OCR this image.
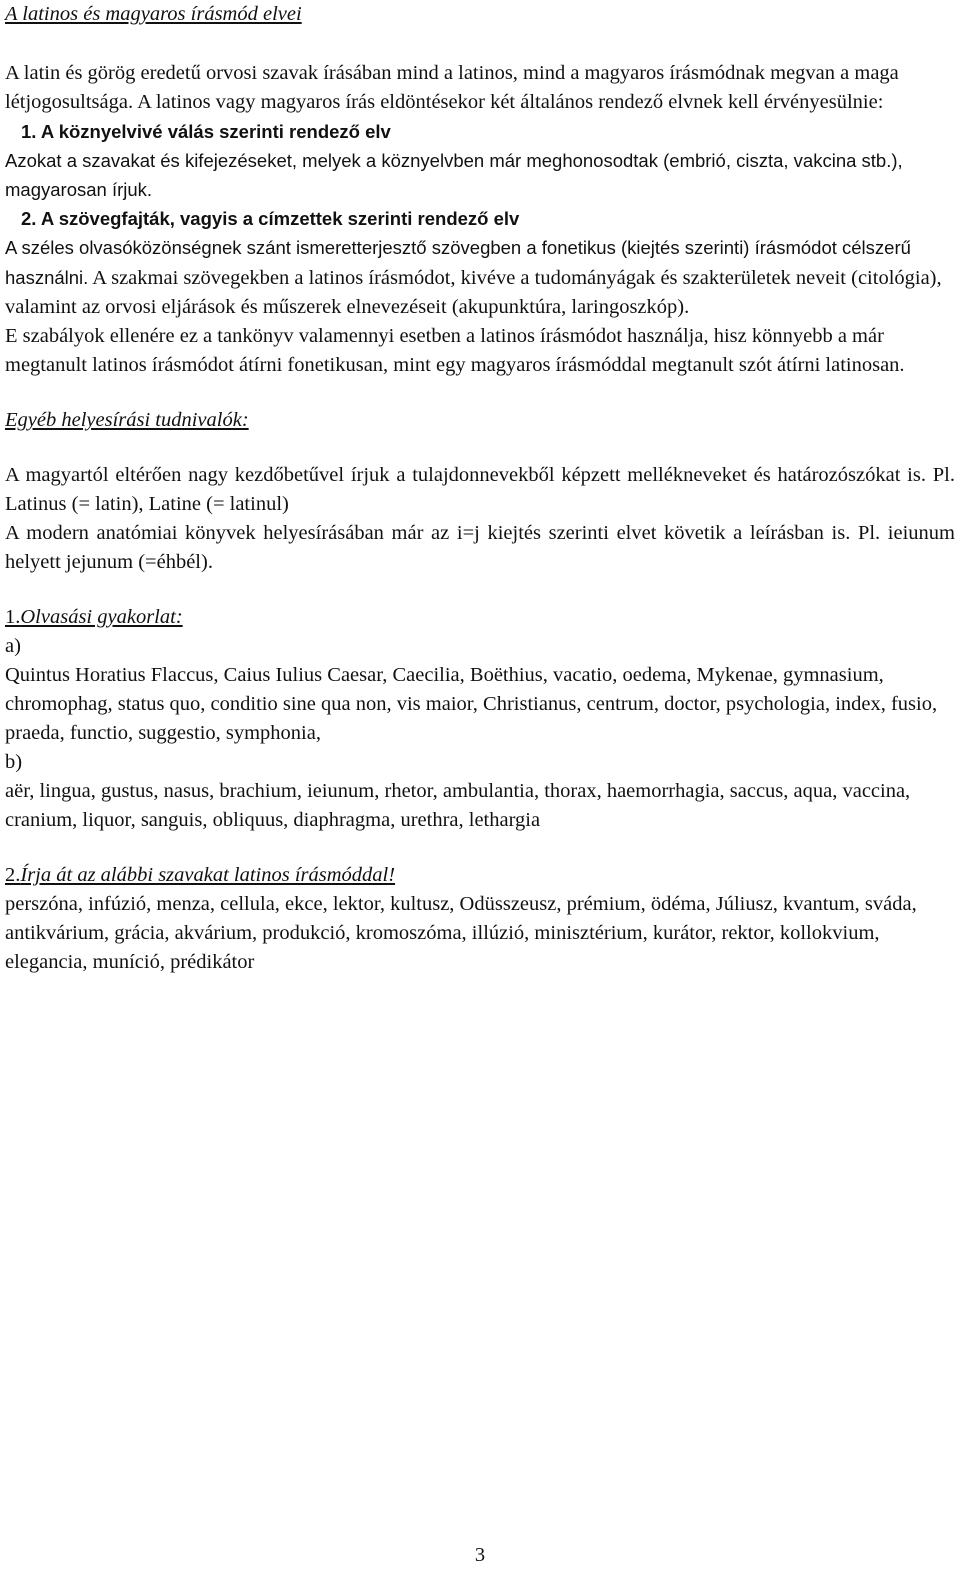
A latinos és magyaros írásmód elvei

A latin és görög eredetű orvosi szavak írásában mind a latinos, mind a magyaros írásmódnak megvan a maga létjogosultsága. A latinos vagy magyaros írás eldöntésekor két általános rendező elvnek kell érvényesülnie:

1. A köznyelvivé válás szerinti rendező elv

Azokat a szavakat és kifejezéseket, melyek a köznyelvben már meghonosodtak (embrió, ciszta, vakcina stb.), magyarosan írjuk.

2. A szövegfajták, vagyis a címzettek szerinti rendező elv

A széles olvasóközönségnek szánt ismeretterjesztő szövegben a fonetikus (kiejtés szerinti) írásmódot célszerű használni. A szakmai szövegekben a latinos írásmódot, kivéve a tudományágak és szakterületek neveit (citológia), valamint az orvosi eljárások és műszerek elnevezéseit (akupunktúra, laringoszkóp).

E szabályok ellenére ez a tankönyv valamennyi esetben a latinos írásmódot használja, hisz könnyebb a már megtanult latinos írásmódot átírni fonetikusan, mint egy magyaros írásmóddal megtanult szót átírni latinosan.

Egyéb helyesírási tudnivalók:

A magyartól eltérően nagy kezdőbetűvel írjuk a tulajdonnevekből képzett mellékneveket és határozószókat is. Pl. Latinus (= latin), Latine (= latinul)

A modern anatómiai könyvek helyesírásában már az i=j kiejtés szerinti elvet követik a leírásban is. Pl. ieiunum helyett jejunum (=éhbél).

1.Olvasási gyakorlat:

a)

Quintus Horatius Flaccus, Caius Iulius Caesar, Caecilia, Boëthius, vacatio, oedema, Mykenae, gymnasium, chromophag, status quo, conditio sine qua non, vis maior, Christianus, centrum, doctor, psychologia, index, fusio, praeda, functio, suggestio, symphonia,

b)

aër, lingua, gustus, nasus, brachium, ieiunum, rhetor, ambulantia, thorax, haemorrhagia, saccus, aqua, vaccina, cranium, liquor, sanguis, obliquus, diaphragma, urethra, lethargia

2.Írja át az alábbi szavakat latinos írásmóddal!

perszóna, infúzió, menza, cellula, ekce, lektor, kultusz, Odüsszeusz, prémium, ödéma, Júliusz, kvantum, sváda, antikvárium, grácia, akvárium, produkció, kromoszóma, illúzió, minisztérium, kurátor, rektor, kollokvium, elegancia, muníció, prédikátor

3
